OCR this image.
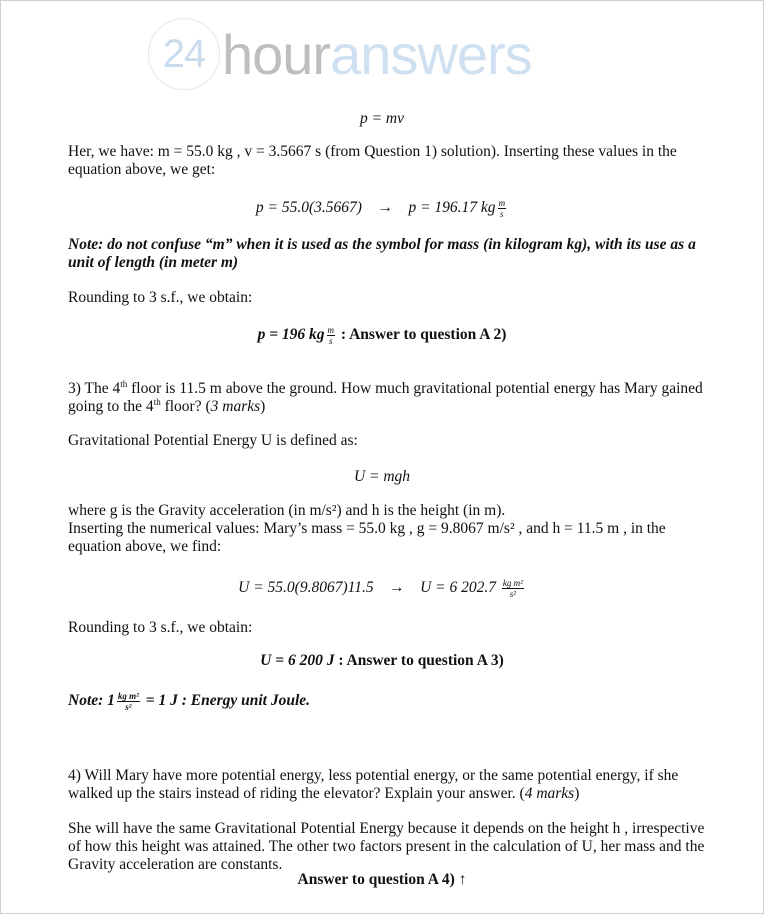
24 hour answers
p = mv
Her, we have: m = 55.0 kg , v = 3.5667 s (from Question 1) solution). Inserting these values in the
equation above, we get:
p = 55.0(3.5667) → p = 196.17 kg $\frac{m}{s}$
Note: do not confuse “m” when it is used as the symbol for mass (in kilogram kg), with its use as a
unit of length (in meter m)
Rounding to 3 s.f., we obtain:
p = 196 kg $\frac{m}{s}$ : Answer to question A 2)
3) The 4th floor is 11.5 m above the ground. How much gravitational potential energy has Mary gained
going to the 4th floor? (3 marks)
Gravitational Potential Energy U is defined as:
U = mgh
where g is the Gravity acceleration (in m/s²) and h is the height (in m).
Inserting the numerical values: Mary’s mass = 55.0 kg , g = 9.8067 m/s² , and h = 11.5 m , in the
equation above, we find:
U = 55.0(9.8067)11.5 → U = 6 $202.7 \frac{\text{kg m²}}{\text{s²}}$
Rounding to 3 s.f., we obtain:
U = 6 200 J : Answer to question A 3)
Note: $1 \frac{\text{kg m²}}{\text{s²}} = 1$ J : Energy unit Joule.
4) Will Mary have more potential energy, less potential energy, or the same potential energy, if she
walked up the stairs instead of riding the elevator? Explain your answer. (4 marks)
She will have the same Gravitational Potential Energy because it depends on the height h , irrespective
of how this height was attained. The other two factors present in the calculation of U, her mass and the
Gravity acceleration are constants.
Answer to question A 4) ↑
